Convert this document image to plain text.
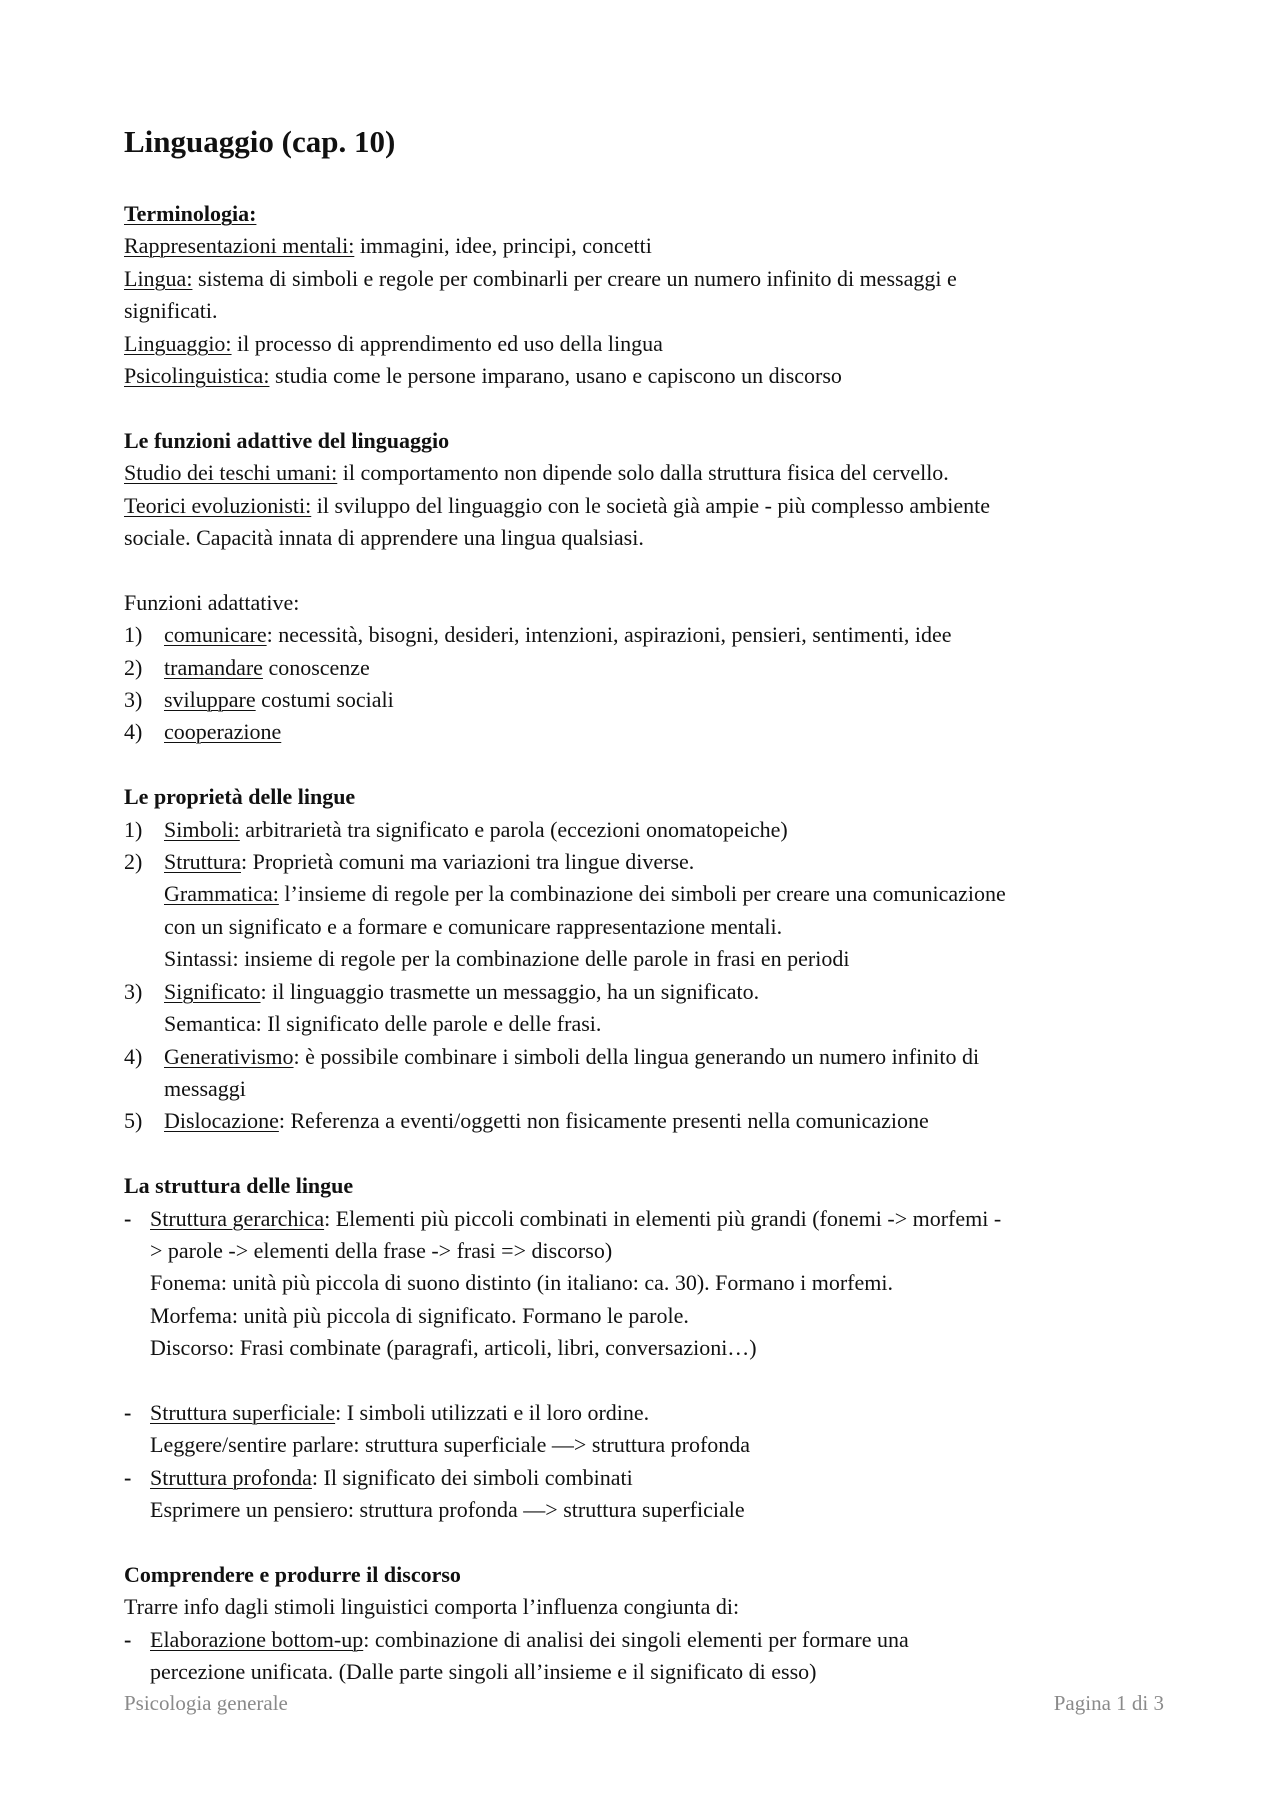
Linguaggio (cap. 10)

Terminologia:

Rappresentazioni mentali: immagini, idee, principi, concetti

Lingua: sistema di simboli e regole per combinarli per creare un numero infinito di messaggi e

significati.

Linguaggio: il processo di apprendimento ed uso della lingua

Psicolinguistica: studia come le persone imparano, usano e capiscono un discorso

Le funzioni adattive del linguaggio

Studio dei teschi umani: il comportamento non dipende solo dalla struttura fisica del cervello.

Teorici evoluzionisti: il sviluppo del linguaggio con le società già ampie - più complesso ambiente

sociale. Capacità innata di apprendere una lingua qualsiasi.

Funzioni adattative:

1) comunicare: necessità, bisogni, desideri, intenzioni, aspirazioni, pensieri, sentimenti, idee

2) tramandare conoscenze

3) sviluppare costumi sociali

4) cooperazione

Le proprietà delle lingue

1) Simboli: arbitrarietà tra significato e parola (eccezioni onomatopeiche)

2) Struttura: Proprietà comuni ma variazioni tra lingue diverse.

Grammatica: l’insieme di regole per la combinazione dei simboli per creare una comunicazione

con un significato e a formare e comunicare rappresentazione mentali.

Sintassi: insieme di regole per la combinazione delle parole in frasi en periodi

3) Significato: il linguaggio trasmette un messaggio, ha un significato.

Semantica: Il significato delle parole e delle frasi.

4) Generativismo: è possibile combinare i simboli della lingua generando un numero infinito di

messaggi

5) Dislocazione: Referenza a eventi/oggetti non fisicamente presenti nella comunicazione

La struttura delle lingue

- Struttura gerarchica: Elementi più piccoli combinati in elementi più grandi (fonemi -> morfemi -

> parole -> elementi della frase -> frasi => discorso)

Fonema: unità più piccola di suono distinto (in italiano: ca. 30). Formano i morfemi.

Morfema: unità più piccola di significato. Formano le parole.

Discorso: Frasi combinate (paragrafi, articoli, libri, conversazioni…)

- Struttura superficiale: I simboli utilizzati e il loro ordine.

Leggere/sentire parlare: struttura superficiale —> struttura profonda

- Struttura profonda: Il significato dei simboli combinati

Esprimere un pensiero: struttura profonda —> struttura superficiale

Comprendere e produrre il discorso

Trarre info dagli stimoli linguistici comporta l’influenza congiunta di:

- Elaborazione bottom-up: combinazione di analisi dei singoli elementi per formare una

percezione unificata. (Dalle parte singoli all’insieme e il significato di esso)

Psicologia generale	Pagina 1 di 3
